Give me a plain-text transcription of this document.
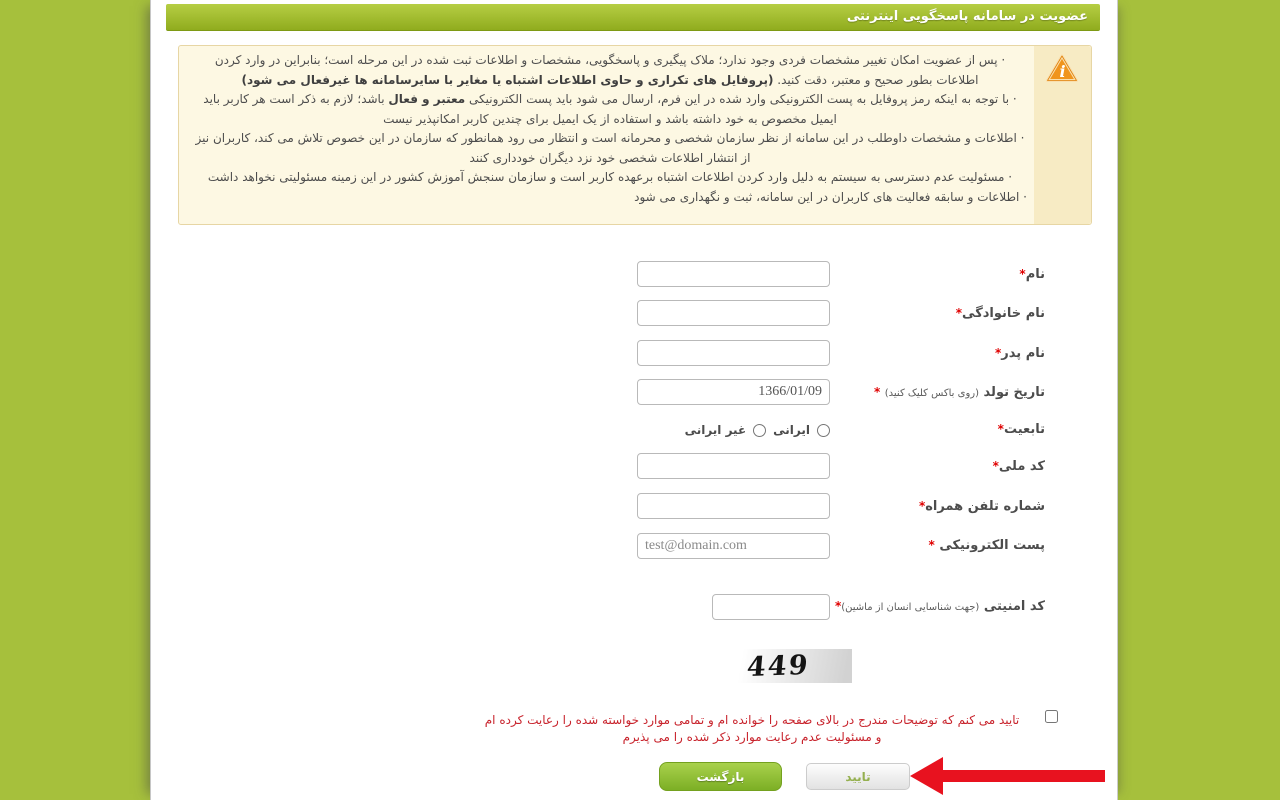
عضویت در سامانه پاسخگویی اینترنتی
i

· پس از عضویت امکان تغییر مشخصات فردی وجود ندارد؛ ملاک پیگیری و پاسخگویی، مشخصات و اطلاعات ثبت شده در این مرحله است؛ بنابراین در وارد کردن اطلاعات بطور صحیح و معتبر، دقت کنید. (پروفایل های تکراری و حاوی اطلاعات اشتباه یا مغایر با سایرسامانه ها غیرفعال می شود)

· با توجه به اینکه رمز پروفایل به پست الکترونیکی وارد شده در این فرم، ارسال می شود باید پست الکترونیکی معتبر و فعال باشد؛ لازم به ذکر است هر کاربر باید ایمیل مخصوص به خود داشته باشد و استفاده از یک ایمیل برای چندین کاربر امکانپذیر نیست

· اطلاعات و مشخصات داوطلب در این سامانه از نظر سازمان شخصی و محرمانه است و انتظار می رود همانطور که سازمان در این خصوص تلاش می کند، کاربران نیز از انتشار اطلاعات شخصی خود نزد دیگران خودداری کنند

· مسئولیت عدم دسترسی به سیستم به دلیل وارد کردن اطلاعات اشتباه برعهده کاربر است و سازمان سنجش آموزش کشور در این زمینه مسئولیتی نخواهد داشت

· اطلاعات و سابقه فعالیت های کاربران در این سامانه، ثبت و نگهداری می شود

نام*
نام خانوادگی*
نام پدر*
1366/01/09
تاریخ تولد (روی باکس کلیک کنید) *
ایرانی
غیر ایرانی	تابعیت*
کد ملی*
شماره تلفن همراه*
test@domain.com
پست الکترونیکی *
کد امنیتی (جهت شناسایی انسان از ماشین)*
449
تایید می کنم که توضیحات مندرج در بالای صفحه را خوانده ام و تمامی موارد خواسته شده را رعایت کرده ام
و مسئولیت عدم رعایت موارد ذکر شده را می پذیرم
بازگشت	تایید
